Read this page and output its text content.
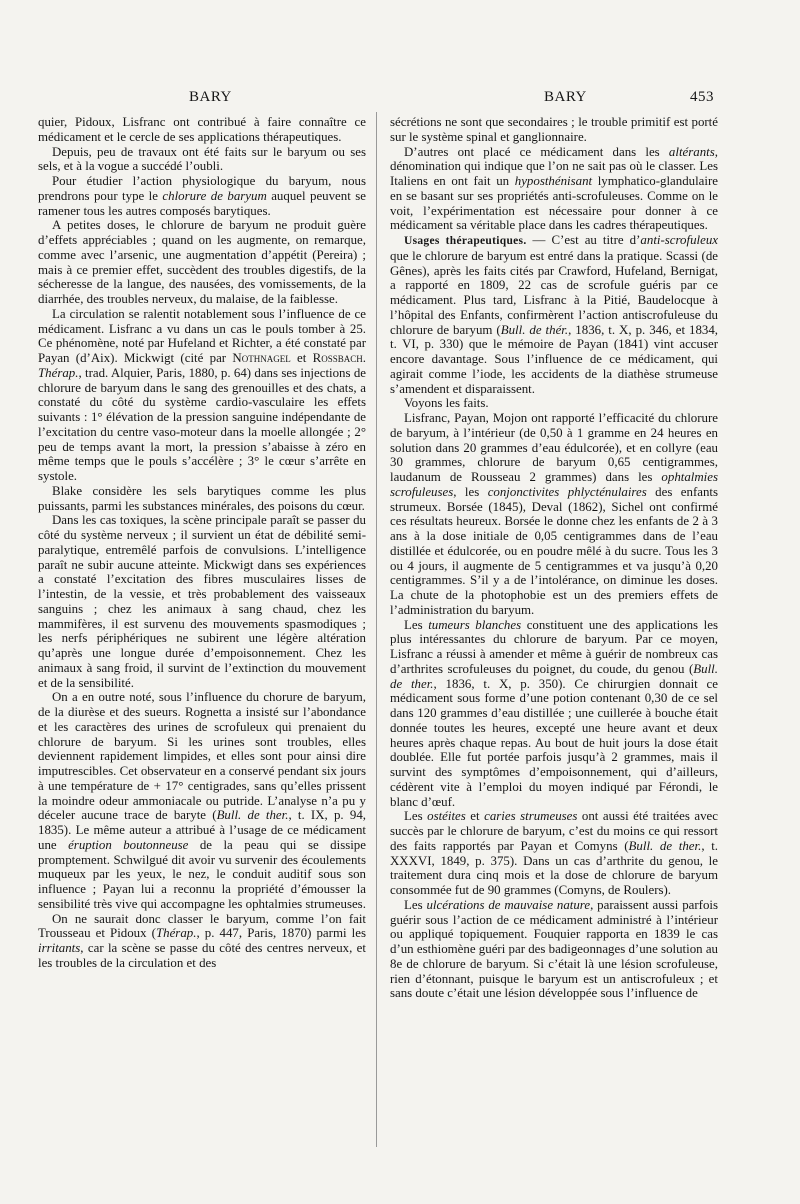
BARY	BARY	453

quier, Pidoux, Lisfranc ont contribué à faire connaître ce médicament et le cercle de ses applications thérapeutiques.

Depuis, peu de travaux ont été faits sur le baryum ou ses sels, et à la vogue a succédé l’oubli.

Pour étudier l’action physiologique du baryum, nous prendrons pour type le chlorure de baryum auquel peuvent se ramener tous les autres composés barytiques.

A petites doses, le chlorure de baryum ne produit guère d’effets appréciables ; quand on les augmente, on remarque, comme avec l’arsenic, une augmentation d’appétit (Pereira) ; mais à ce premier effet, succèdent des troubles digestifs, de la sécheresse de la langue, des nausées, des vomissements, de la diarrhée, des troubles nerveux, du malaise, de la faiblesse.

La circulation se ralentit notablement sous l’influence de ce médicament. Lisfranc a vu dans un cas le pouls tomber à 25. Ce phénomène, noté par Hufeland et Richter, a été constaté par Payan (d’Aix). Mickwigt (cité par Nothnagel et Rossbach. Thérap., trad. Alquier, Paris, 1880, p. 64) dans ses injections de chlorure de baryum dans le sang des grenouilles et des chats, a constaté du côté du système cardio-vasculaire les effets suivants : 1° élévation de la pression sanguine indépendante de l’excitation du centre vaso-moteur dans la moelle allongée ; 2° peu de temps avant la mort, la pression s’abaisse à zéro en même temps que le pouls s’accélère ; 3° le cœur s’arrête en systole.

Blake considère les sels barytiques comme les plus puissants, parmi les substances minérales, des poisons du cœur.

Dans les cas toxiques, la scène principale paraît se passer du côté du système nerveux ; il survient un état de débilité semi-paralytique, entremêlé parfois de convulsions. L’intelligence paraît ne subir aucune atteinte. Mickwigt dans ses expériences a constaté l’excitation des fibres musculaires lisses de l’intestin, de la vessie, et très probablement des vaisseaux sanguins ; chez les animaux à sang chaud, chez les mammifères, il est survenu des mouvements spasmodiques ; les nerfs périphériques ne subirent une légère altération qu’après une longue durée d’empoisonnement. Chez les animaux à sang froid, il survint de l’extinction du mouvement et de la sensibilité.

On a en outre noté, sous l’influence du chorure de baryum, de la diurèse et des sueurs. Rognetta a insisté sur l’abondance et les caractères des urines de scrofuleux qui prenaient du chlorure de baryum. Si les urines sont troubles, elles deviennent rapidement limpides, et elles sont pour ainsi dire imputrescibles. Cet observateur en a conservé pendant six jours à une température de + 17° centigrades, sans qu’elles prissent la moindre odeur ammoniacale ou putride. L’analyse n’a pu y déceler aucune trace de baryte (Bull. de ther., t. IX, p. 94, 1835). Le même auteur a attribué à l’usage de ce médicament une éruption boutonneuse de la peau qui se dissipe promptement. Schwilgué dit avoir vu survenir des écoulements muqueux par les yeux, le nez, le conduit auditif sous son influence ; Payan lui a reconnu la propriété d’émousser la sensibilité très vive qui accompagne les ophtalmies strumeuses.

On ne saurait donc classer le baryum, comme l’on fait Trousseau et Pidoux (Thérap., p. 447, Paris, 1870) parmi les irritants, car la scène se passe du côté des centres nerveux, et les troubles de la circulation et des

sécrétions ne sont que secondaires ; le trouble primitif est porté sur le système spinal et ganglionnaire.

D’autres ont placé ce médicament dans les altérants, dénomination qui indique que l’on ne sait pas où le classer. Les Italiens en ont fait un hyposthénisant lymphatico-glandulaire en se basant sur ses propriétés anti-scrofuleuses. Comme on le voit, l’expérimentation est nécessaire pour donner à ce médicament sa véritable place dans les cadres thérapeutiques.

Usages thérapeutiques. — C’est au titre d’anti-scrofuleux que le chlorure de baryum est entré dans la pratique. Scassi (de Gênes), après les faits cités par Crawford, Hufeland, Bernigat, a rapporté en 1809, 22 cas de scrofule guéris par ce médicament. Plus tard, Lisfranc à la Pitié, Baudelocque à l’hôpital des Enfants, confirmèrent l’action antiscrofuleuse du chlorure de baryum (Bull. de thér., 1836, t. X, p. 346, et 1834, t. VI, p. 330) que le mémoire de Payan (1841) vint accuser encore davantage. Sous l’influence de ce médicament, qui agirait comme l’iode, les accidents de la diathèse strumeuse s’amendent et disparaissent.

Voyons les faits.

Lisfranc, Payan, Mojon ont rapporté l’efficacité du chlorure de baryum, à l’intérieur (de 0,50 à 1 gramme en 24 heures en solution dans 20 grammes d’eau édulcorée), et en collyre (eau 30 grammes, chlorure de baryum 0,65 centigrammes, laudanum de Rousseau 2 grammes) dans les ophtalmies scrofuleuses, les conjonctivites phlycténulaires des enfants strumeux. Borsée (1845), Deval (1862), Sichel ont confirmé ces résultats heureux. Borsée le donne chez les enfants de 2 à 3 ans à la dose initiale de 0,05 centigrammes dans de l’eau distillée et édulcorée, ou en poudre mêlé à du sucre. Tous les 3 ou 4 jours, il augmente de 5 centigrammes et va jusqu’à 0,20 centigrammes. S’il y a de l’intolérance, on diminue les doses. La chute de la photophobie est un des premiers effets de l’administration du baryum.

Les tumeurs blanches constituent une des applications les plus intéressantes du chlorure de baryum. Par ce moyen, Lisfranc a réussi à amender et même à guérir de nombreux cas d’arthrites scrofuleuses du poignet, du coude, du genou (Bull. de ther., 1836, t. X, p. 350). Ce chirurgien donnait ce médicament sous forme d’une potion contenant 0,30 de ce sel dans 120 grammes d’eau distillée ; une cuillerée à bouche était donnée toutes les heures, excepté une heure avant et deux heures après chaque repas. Au bout de huit jours la dose était doublée. Elle fut portée parfois jusqu’à 2 grammes, mais il survint des symptômes d’empoisonnement, qui d’ailleurs, cédèrent vite à l’emploi du moyen indiqué par Férondi, le blanc d’œuf.

Les ostéites et caries strumeuses ont aussi été traitées avec succès par le chlorure de baryum, c’est du moins ce qui ressort des faits rapportés par Payan et Comyns (Bull. de ther., t. XXXVI, 1849, p. 375). Dans un cas d’arthrite du genou, le traitement dura cinq mois et la dose de chlorure de baryum consommée fut de 90 grammes (Comyns, de Roulers).

Les ulcérations de mauvaise nature, paraissent aussi parfois guérir sous l’action de ce médicament administré à l’intérieur ou appliqué topiquement. Fouquier rapporta en 1839 le cas d’un esthiomène guéri par des badigeonnages d’une solution au 8e de chlorure de baryum. Si c’était là une lésion scrofuleuse, rien d’étonnant, puisque le baryum est un antiscrofuleux ; et sans doute c’était une lésion développée sous l’influence de
